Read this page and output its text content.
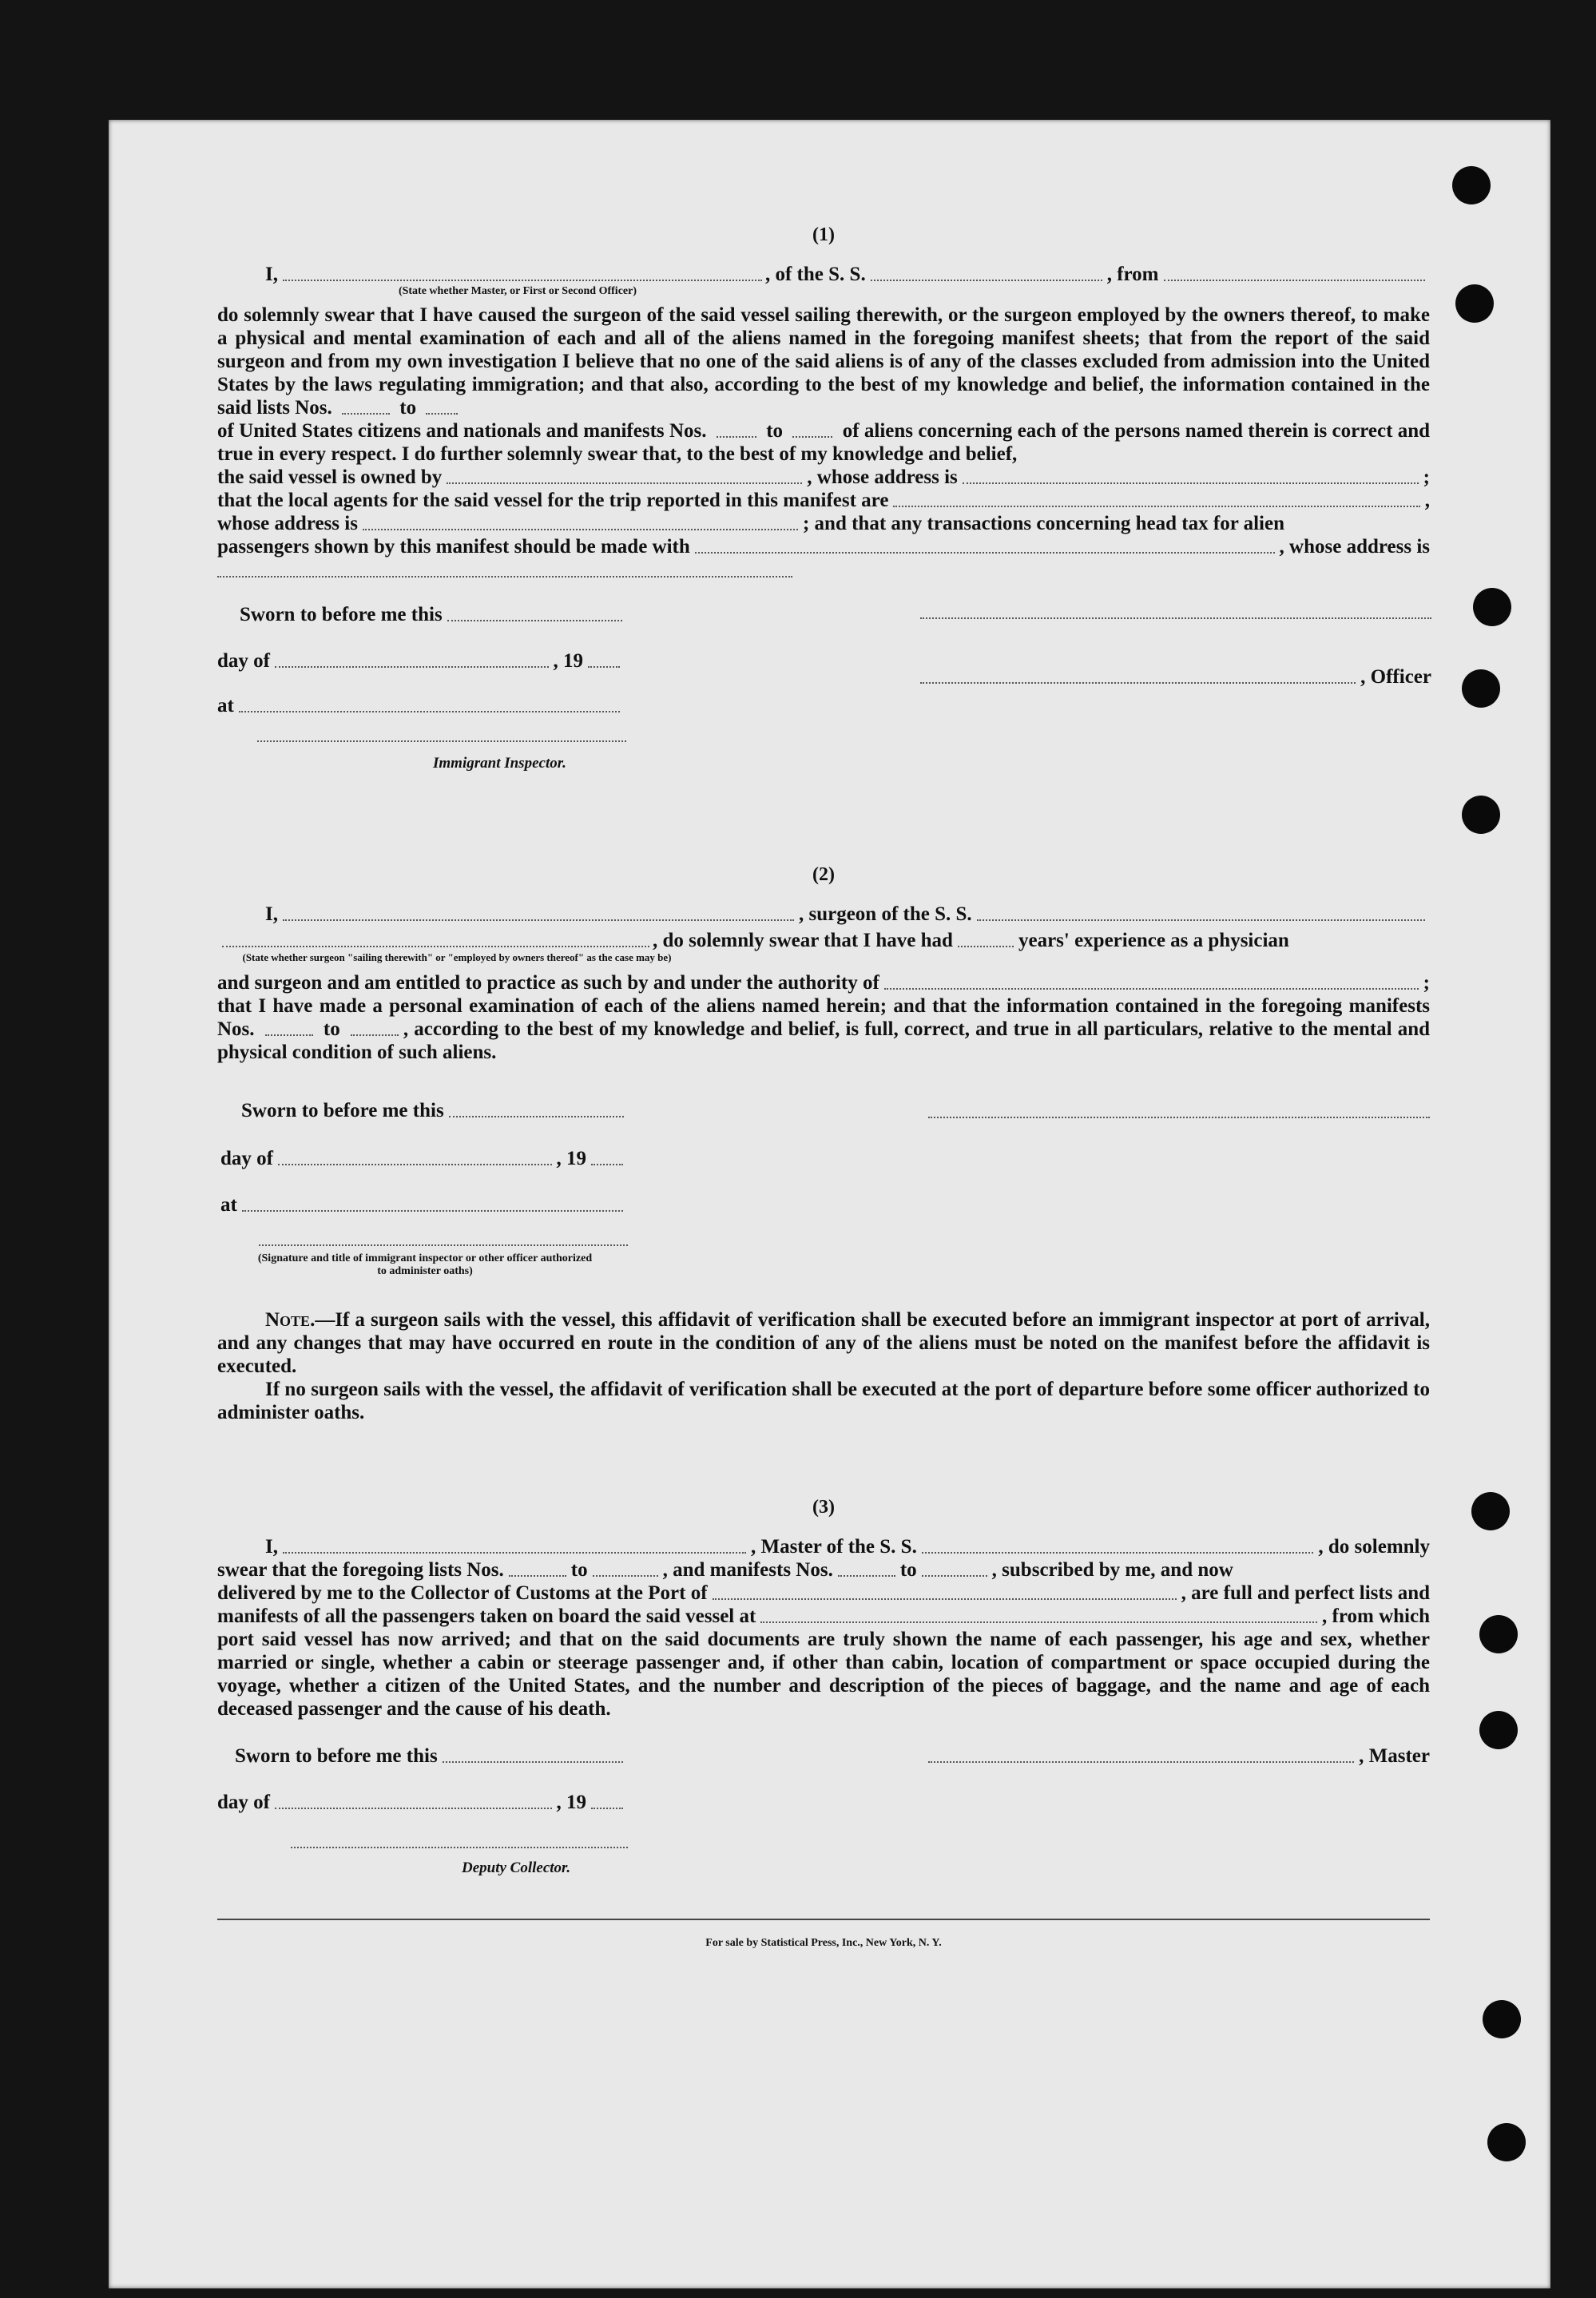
(1)
I,
(State whether Master, or First or Second Officer)
, of the S. S.	, from

do solemnly swear that I have caused the surgeon of the said vessel sailing therewith, or the surgeon employed by the owners thereof, to make a physical and mental examination of each and all of the aliens named in the foregoing manifest sheets; that from the report of the said surgeon and from my own investigation I believe that no one of the said aliens is of any of the classes excluded from admission into the United States by the laws regulating immigration; and that also, according to the best of my knowledge and belief, the information contained in the said lists Nos.	to
of United States citizens and nationals and manifests Nos.	to	of aliens concerning each of the persons named therein is correct and true in every respect. I do further solemnly swear that, to the best of my knowledge and belief,

the said vessel is owned by	, whose address is	;
that the local agents for the said vessel for the trip reported in this manifest are	,
whose address is	; and that any transactions concerning head tax for alien
passengers shown by this manifest should be made with	, whose address is
Sworn to before me this
day of	, 19
at
Immigrant Inspector.
, Officer
(2)
I,	, surgeon of the S. S.
(State whether surgeon "sailing therewith" or "employed by owners thereof" as the case may be)
, do solemnly swear that I have had	years' experience as a physician
and surgeon and am entitled to practice as such by and under the authority of	;

that I have made a personal examination of each of the aliens named herein; and that the information contained in the foregoing manifests Nos.	to	, according to the best of my knowledge and belief, is full, correct, and true in all particulars, relative to the mental and physical condition of such aliens.

Sworn to before me this
day of	, 19
at
(Signature and title of immigrant inspector or other officer authorized to administer oaths)

Note.—If a surgeon sails with the vessel, this affidavit of verification shall be executed before an immigrant inspector at port of arrival, and any changes that may have occurred en route in the condition of any of the aliens must be noted on the manifest before the affidavit is executed.

If no surgeon sails with the vessel, the affidavit of verification shall be executed at the port of departure before some officer authorized to administer oaths.

(3)
I,	, Master of the S. S.	, do solemnly
swear that the foregoing lists Nos.	to	, and manifests Nos.	to	, subscribed by me, and now
delivered by me to the Collector of Customs at the Port of	, are full and perfect lists and
manifests of all the passengers taken on board the said vessel at	, from which

port said vessel has now arrived; and that on the said documents are truly shown the name of each passenger, his age and sex, whether married or single, whether a cabin or steerage passenger and, if other than cabin, location of compartment or space occupied during the voyage, whether a citizen of the United States, and the number and description of the pieces of baggage, and the name and age of each deceased passenger and the cause of his death.

Sworn to before me this	, Master
day of	, 19
Deputy Collector.
For sale by Statistical Press, Inc., New York, N. Y.
